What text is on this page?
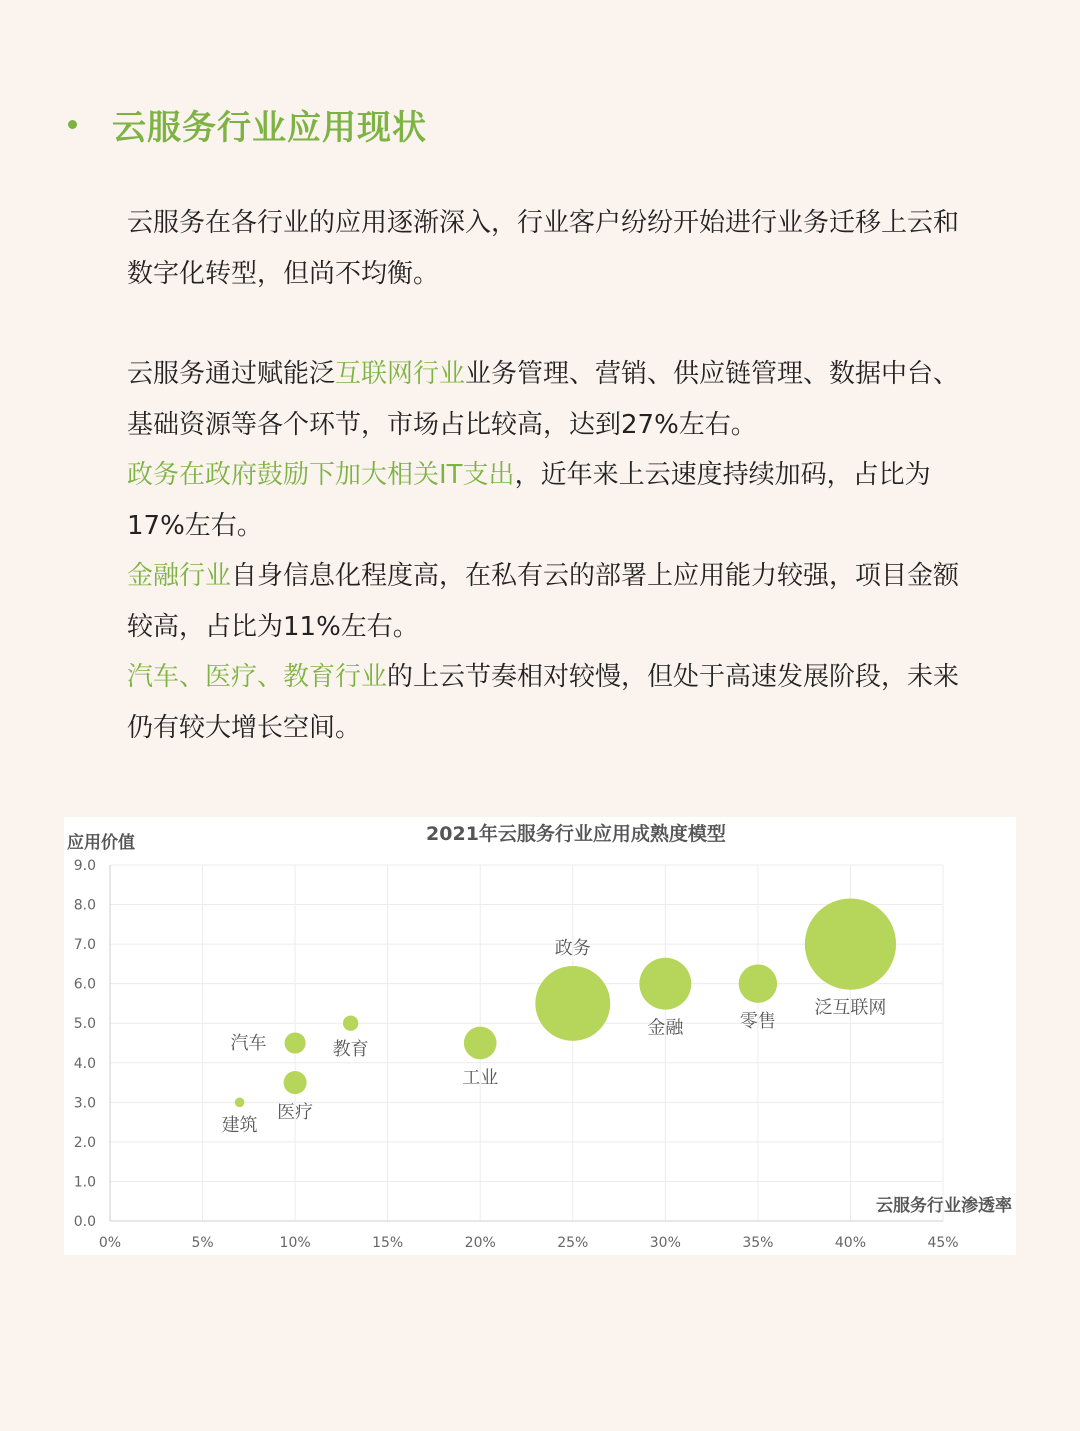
云服务行业应用现状

云服务在各行业的应用逐渐深入，行业客户纷纷开始进行业务迁移上云和数字化转型，但尚不均衡。

云服务通过赋能泛互联网行业业务管理、营销、供应链管理、数据中台、基础资源等各个环节，市场占比较高，达到27%左右。

政务在政府鼓励下加大相关IT支出，近年来上云速度持续加码，占比为17%左右。

金融行业自身信息化程度高，在私有云的部署上应用能力较强，项目金额较高，占比为11%左右。

汽车、医疗、教育行业的上云节奏相对较慢，但处于高速发展阶段，未来仍有较大增长空间。

2021年云服务行业应用成熟度模型
应用价值
云服务行业渗透率
0%	5%	10%	15%	20%	25%	30%	35%	40%	45%
0.0
1.0
2.0
3.0
4.0
5.0
6.0
7.0
8.0
9.0
建筑
汽车
医疗
教育
工业
政务
金融	零售
泛互联网
